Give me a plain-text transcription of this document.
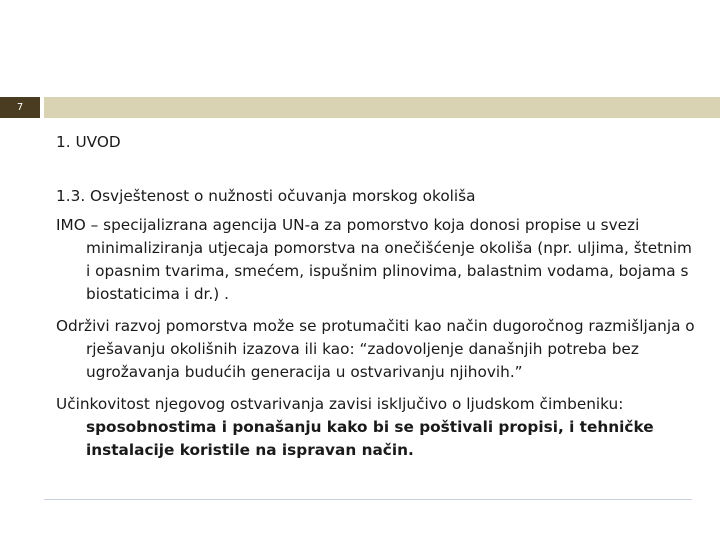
7

1. UVOD

1.3. Osvještenost o nužnosti očuvanja morskog okoliša

IMO – specijalizrana agencija UN-a za pomorstvo koja donosi propise u svezi minimaliziranja utjecaja pomorstva na onečišćenje okoliša (npr. uljima, štetnim i opasnim tvarima, smećem, ispušnim plinovima, balastnim vodama, bojama s biostaticima i dr.) .

Održivi razvoj pomorstva može se protumačiti kao način dugoročnog razmišljanja o rješavanju okolišnih izazova ili kao: “zadovoljenje današnjih potreba bez ugrožavanja budućih generacija u ostvarivanju njihovih.”

Učinkovitost njegovog ostvarivanja zavisi isključivo o ljudskom čimbeniku: sposobnostima i ponašanju kako bi se poštivali propisi, i tehničke instalacije koristile na ispravan način.
